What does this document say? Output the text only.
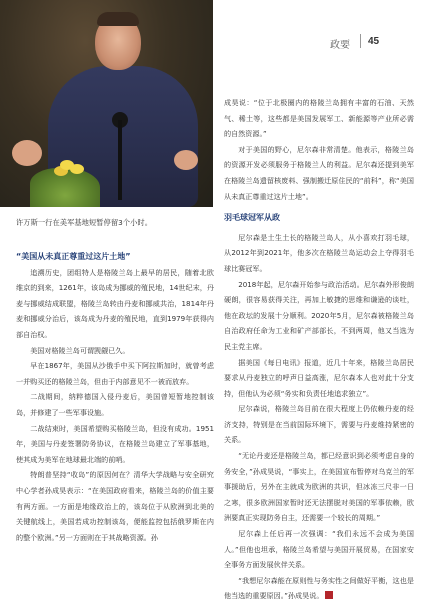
政要 45
许万斯一行在美军基地短暂停留3个小时。

“美国从未真正尊重过这片土地”

追溯历史，团组特人是格陵兰岛上最早的居民，随着北欧维京的到来，1261年，该岛成为挪威的殖民地，14世纪末，丹麦与挪威结成联盟，格陵兰岛转由丹麦和挪威共治，1814年丹麦和挪威分治后，该岛成为丹麦的殖民地，直到1979年获得内部自治权。

美国对格陵兰岛可谓觊觎已久。

早在1867年，美国从沙俄手中买下阿拉斯加时，就曾考虑一并购买还的格陵兰岛，但由于内部意见不一被而放弃。

二战期间，纳粹德国入侵丹麦后，美国曾短暂地控制该岛，并修建了一些军事设施。

二战结束时，美国希望购买格陵兰岛，但没有成功。1951年，美国与丹麦签署防务协议，在格陵兰岛建立了军事基地，使其成为美军在地球最北端的前哨。

特朗普坚持“收岛”的原因何在？清华大学战略与安全研究中心学者孙成昊表示：“在美国政府看来，格陵兰岛的价值主要有两方面。一方面是地缘政治上的，该岛位于从欧洲到北美的关键航线上，美国若成功控制该岛，便能监控包括俄罗斯在内的整个欧洲。”另一方面则在于其战略资源。孙

成昊说：“位于北极圈内的格陵兰岛拥有丰富的石油、天然气、稀土等，这些都是美国发展军工、新能源等产业所必需的自然资源。”

对于美国的野心，尼尔森非常清楚。他表示，格陵兰岛的资源开发必须服务于格陵兰人的利益。尼尔森还提到美军在格陵兰岛遗留核废料、强制搬迁原住民的“前科”，称“美国从未真正尊重过这片土地”。

羽毛球冠军从政

尼尔森是土生土长的格陵兰岛人，从小喜欢打羽毛球，从2012年到2021年，他多次在格陵兰岛运动会上夺得羽毛球比赛冠军。

2018年起，尼尔森开始参与政治活动。尼尔森外形俊朗硬朗，很容易获得关注，再加上敏捷的思维和谦逊的谈吐，他在政坛的发展十分顺利。2020年5月，尼尔森被格陵兰岛自治政府任命为工业和矿产部部长，不到两周，他又当选为民主党主席。

据美国《每日电讯》报道，近几十年来，格陵兰岛居民要求从丹麦独立的呼声日益高涨，尼尔森本人也对此十分支持，但他认为必须“务实和负责任地追求独立”。

尼尔森说，格陵兰岛目前在很大程度上仍依赖丹麦的经济支持，特别是在当前国际环境下，需要与丹麦维持紧密的关系。

“无论丹麦还是格陵兰岛，都已经意识到必须考虑自身的务安全，”孙成昊说，“事实上，在美国宣布暂停对乌克兰的军事援助后，另外在主就成为欧洲的共识，但冰冻三尺非一日之寒，很多欧洲国家暂时还无法摆脱对美国的军事依赖，欧洲要真正实现防务自主，还需要一个较长的周期。”

尼尔森上任后再一次强调：“我们永远不会成为美国人。”但他也坦承，格陵兰岛希望与美国开展贸易，在国家安全事务方面发展伙伴关系。

“我想尼尔森能在原则性与务实性之间做好平衡，这也是他当选的重要原因。”孙成昊说。
